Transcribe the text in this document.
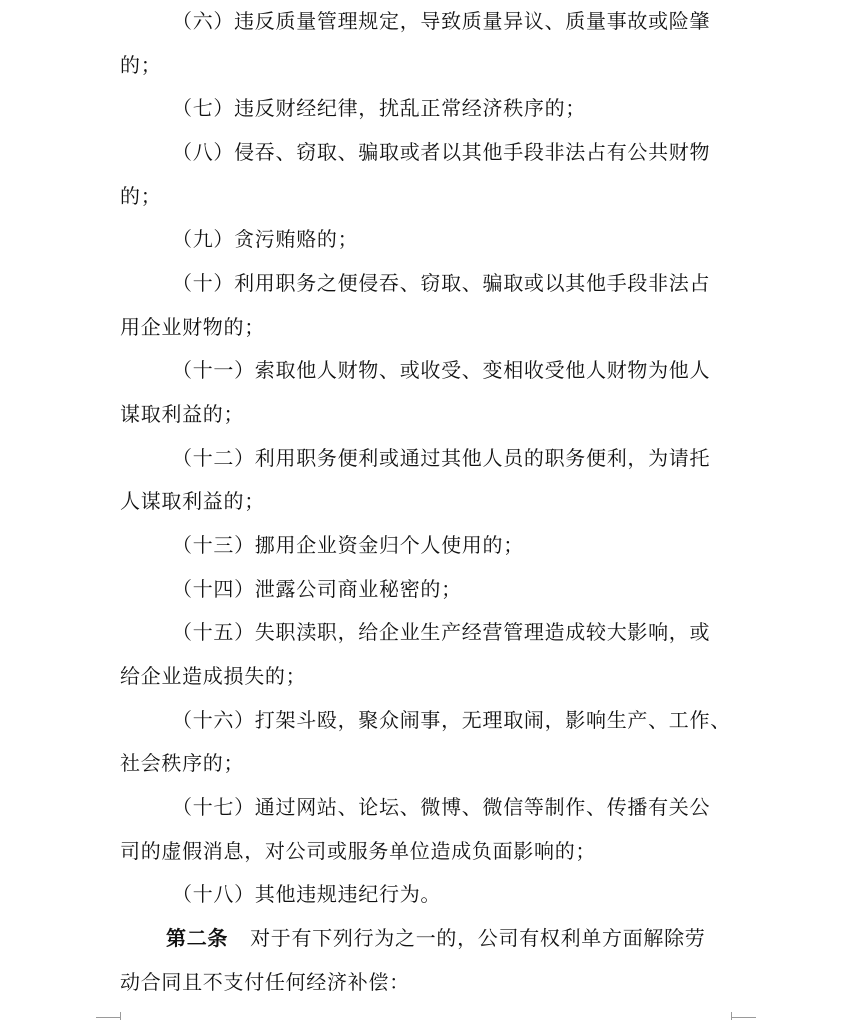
（六）违反质量管理规定，导致质量异议、质量事故或险肇
的；
（七）违反财经纪律，扰乱正常经济秩序的；
（八）侵吞、窃取、骗取或者以其他手段非法占有公共财物
的；
（九）贪污贿赂的；
（十）利用职务之便侵吞、窃取、骗取或以其他手段非法占
用企业财物的；
（十一）索取他人财物、或收受、变相收受他人财物为他人
谋取利益的；
（十二）利用职务便利或通过其他人员的职务便利，为请托
人谋取利益的；
（十三）挪用企业资金归个人使用的；
（十四）泄露公司商业秘密的；
（十五）失职渎职，给企业生产经营管理造成较大影响，或
给企业造成损失的；
（十六）打架斗殴，聚众闹事，无理取闹，影响生产、工作、
社会秩序的；
（十七）通过网站、论坛、微博、微信等制作、传播有关公
司的虚假消息，对公司或服务单位造成负面影响的；
（十八）其他违规违纪行为。
第二条 对于有下列行为之一的，公司有权利单方面解除劳
动合同且不支付任何经济补偿：
